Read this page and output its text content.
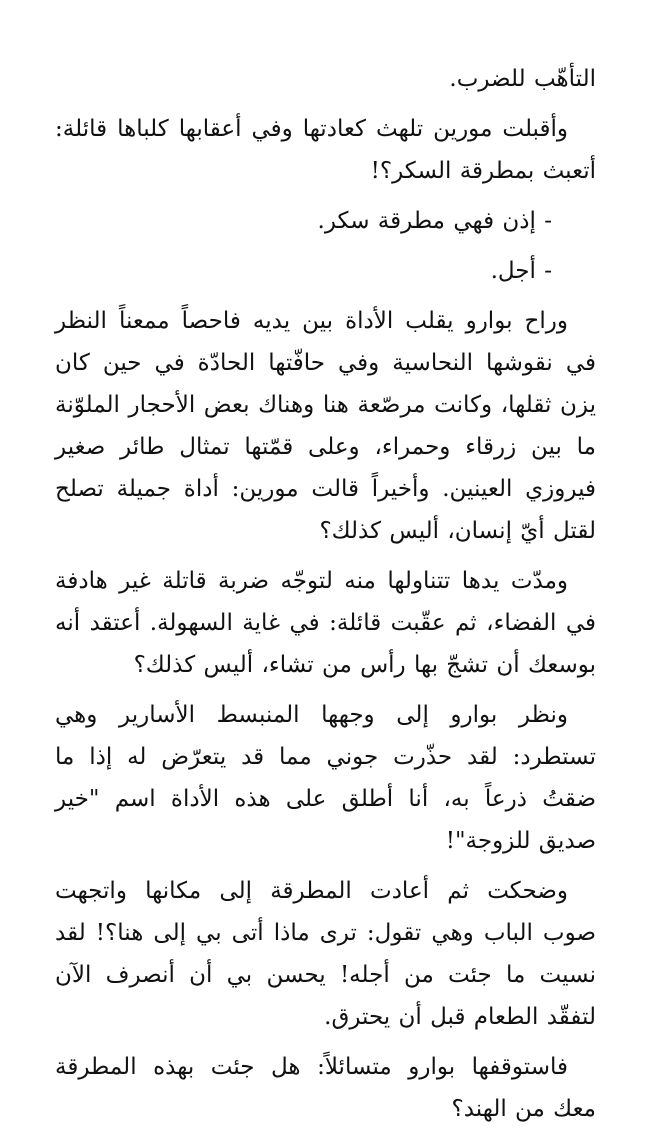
التأهّب للضرب.

وأقبلت مورين تلهث كعادتها وفي أعقابها كلباها قائلة: أتعبث بمطرقة السكر؟!

- إذن فهي مطرقة سكر.

- أجل.

وراح بوارو يقلب الأداة بين يديه فاحصاً ممعناً النظر في نقوشها النحاسية وفي حافّتها الحادّة في حين كان يزن ثقلها، وكانت مرصّعة هنا وهناك بعض الأحجار الملوّنة ما بين زرقاء وحمراء، وعلى قمّتها تمثال طائر صغير فيروزي العينين. وأخيراً قالت مورين: أداة جميلة تصلح لقتل أيّ إنسان، أليس كذلك؟

ومدّت يدها تتناولها منه لتوجّه ضربة قاتلة غير هادفة في الفضاء، ثم عقّبت قائلة: في غاية السهولة. أعتقد أنه بوسعك أن تشجّ بها رأس من تشاء، أليس كذلك؟

ونظر بوارو إلى وجهها المنبسط الأسارير وهي تستطرد: لقد حذّرت جوني مما قد يتعرّض له إذا ما ضقتُ ذرعاً به، أنا أطلق على هذه الأداة اسم "خير صديق للزوجة"!

وضحكت ثم أعادت المطرقة إلى مكانها واتجهت صوب الباب وهي تقول: ترى ماذا أتى بي إلى هنا؟! لقد نسيت ما جئت من أجله! يحسن بي أن أنصرف الآن لتفقّد الطعام قبل أن يحترق.

فاستوقفها بوارو متسائلاً: هل جئت بهذه المطرقة معك من الهند؟
